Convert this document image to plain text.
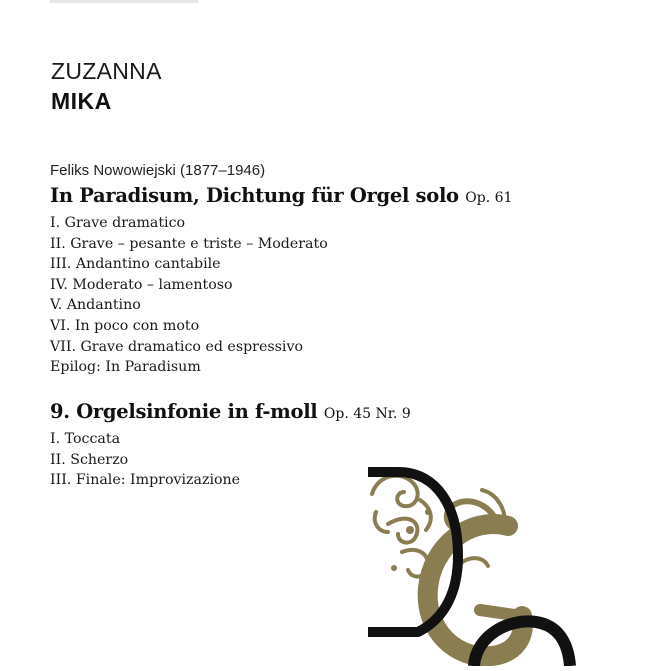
ZUZANNA
MIKA
Feliks Nowowiejski (1877–1946)
In Paradisum, Dichtung für Orgel solo Op. 61
I. Grave dramatico
II. Grave – pesante e triste – Moderato
III. Andantino cantabile
IV. Moderato – lamentoso
V. Andantino
VI. In poco con moto
VII. Grave dramatico ed espressivo
Epilog: In Paradisum
9. Orgelsinfonie in f-moll Op. 45 Nr. 9
I. Toccata
II. Scherzo
III. Finale: Improvizazione
